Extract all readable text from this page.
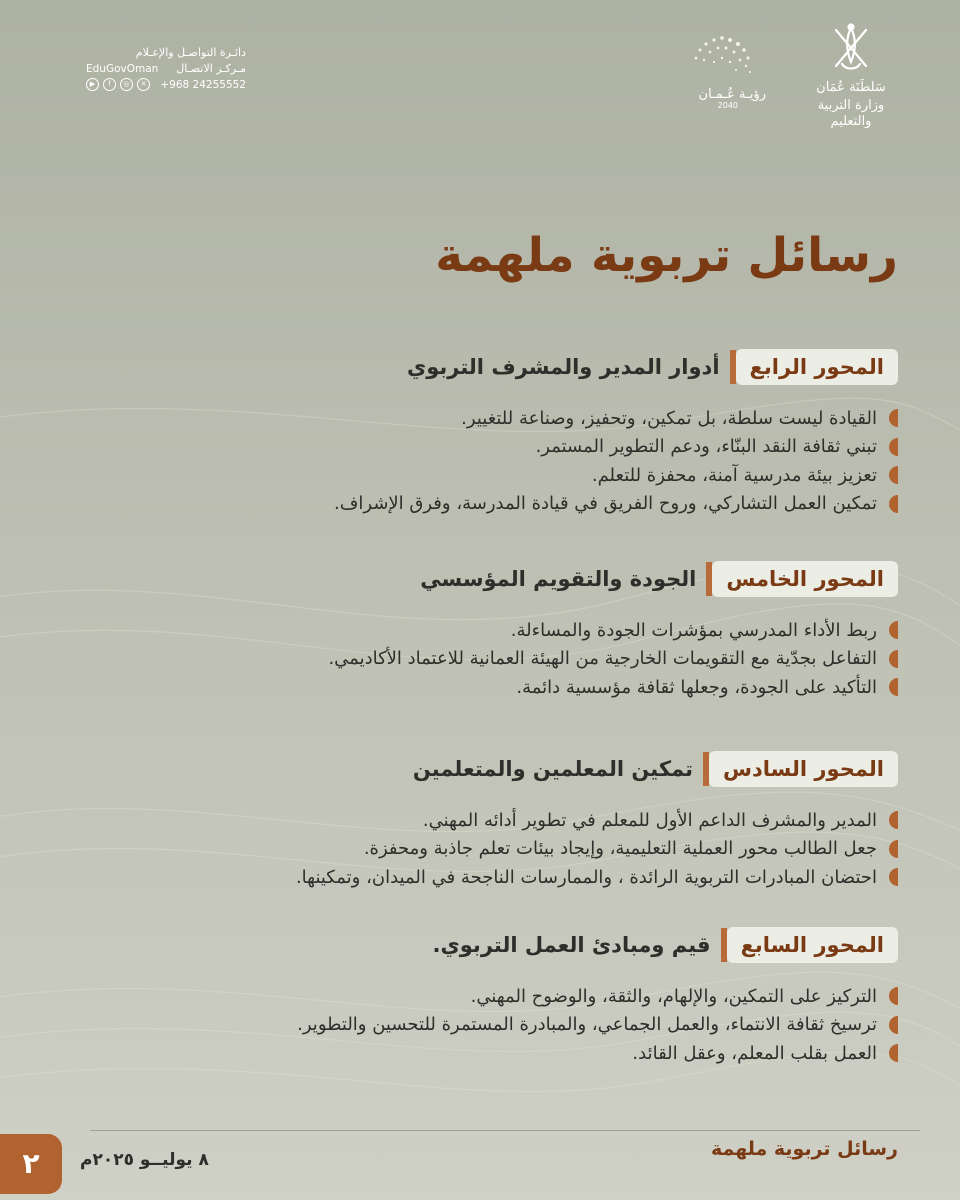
دائـرة التواصـل والإعـلام
مـركـز الاتصـال
EduGovOman
+968 24255552
▶	f	◎	✕
رؤيـة عُـمـان
2040
سَلطَنَة عُمَان
وزارة التربية والتعليم
رسائل تربوية ملهمة
المحور الرابع
أدوار المدير والمشرف التربوي
القيادة ليست سلطة، بل تمكين، وتحفيز، وصناعة للتغيير.
تبني ثقافة النقد البنّاء، ودعم التطوير المستمر.
تعزيز بيئة مدرسية آمنة، محفزة للتعلم.
تمكين العمل التشاركي، وروح الفريق في قيادة المدرسة، وفرق الإشراف.
المحور الخامس
الجودة والتقويم المؤسسي
ربط الأداء المدرسي بمؤشرات الجودة والمساءلة.
التفاعل بجدّية مع التقويمات الخارجية من الهيئة العمانية للاعتماد الأكاديمي.
التأكيد على الجودة، وجعلها ثقافة مؤسسية دائمة.
المحور السادس
تمكين المعلمين والمتعلمين
المدير والمشرف الداعم الأول للمعلم في تطوير أدائه المهني.
جعل الطالب محور العملية التعليمية، وإيجاد بيئات تعلم جاذبة ومحفزة.
احتضان المبادرات التربوية الرائدة ، والممارسات الناجحة في الميدان، وتمكينها.
المحور السابع
قيم ومبادئ العمل التربوي.
التركيز على التمكين، والإلهام، والثقة، والوضوح المهني.
ترسيخ ثقافة الانتماء، والعمل الجماعي، والمبادرة المستمرة للتحسين والتطوير.
العمل بقلب المعلم، وعقل القائد.
رسائل تربوية ملهمة
٨ يوليــو ٢٠٢٥م
٢
